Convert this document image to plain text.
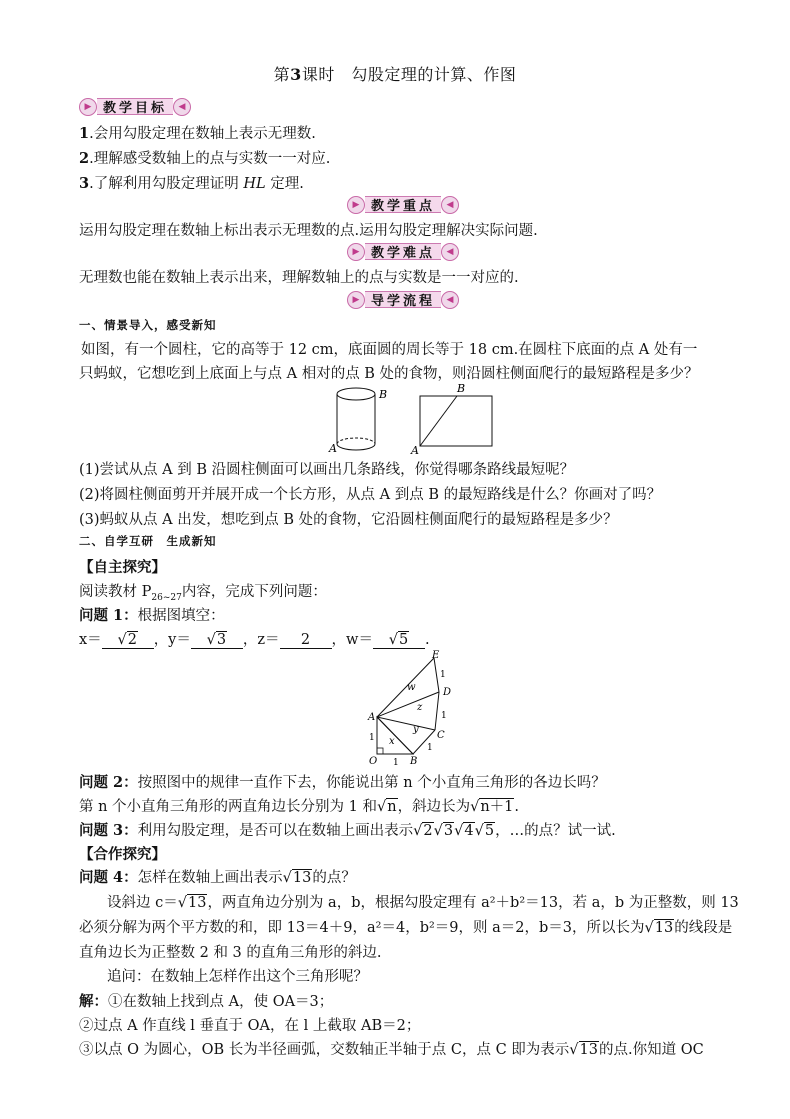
第3课时　勾股定理的计算、作图
▶ 教学目标	◀
1.会用勾股定理在数轴上表示无理数.
2.理解感受数轴上的点与实数一一对应.
3.了解利用勾股定理证明 HL 定理.
▶ 教学重点	◀
运用勾股定理在数轴上标出表示无理数的点.运用勾股定理解决实际问题.
▶ 教学难点	◀
无理数也能在数轴上表示出来，理解数轴上的点与实数是一一对应的.
▶ 导学流程	◀
一、情景导入，感受新知
如图，有一个圆柱，它的高等于 12 cm，底面圆的周长等于 18 cm.在圆柱下底面的点 A 处有一
只蚂蚁，它想吃到上底面上与点 A 相对的点 B 处的食物，则沿圆柱侧面爬行的最短路程是多少？
B
A
B
A
(1)尝试从点 A 到 B 沿圆柱侧面可以画出几条路线，你觉得哪条路线最短呢？
(2)将圆柱侧面剪开并展开成一个长方形，从点 A 到点 B 的最短路线是什么？你画对了吗？
(3)蚂蚁从点 A 出发，想吃到点 B 处的食物，它沿圆柱侧面爬行的最短路程是多少？
二、自学互研　生成新知
【自主探究】
阅读教材 $P_{26\sim 27}$内容，完成下列问题：
问题 1：根据图填空：
x＝ √ 2 ，y＝ √ 3 ，z＝ 2 ，w＝ √ 5 .
E
D
C
A
O	B
w
z
y
x
1
1
1
1
1
问题 2：按照图中的规律一直作下去，你能说出第 n 个小直角三角形的各边长吗？
第 n 个小直角三角形的两直角边长分别为 1 和 √ n，斜边长为 √ n＋1.
问题 3：利用勾股定理，是否可以在数轴上画出表示 √ 2 √ 3 √ 4 √ 5，…的点？试一试.
【合作探究】
问题 4：怎样在数轴上画出表示 √ 13的点？
设斜边 c＝ √ 13，两直角边分别为 a，b，根据勾股定理有 a²＋b²＝13，若 a，b 为正整数，则 13
必须分解为两个平方数的和，即 13＝4＋9，a²＝4，b²＝9，则 a＝2，b＝3，所以长为 √ 13的线段是
直角边长为正整数 2 和 3 的直角三角形的斜边.
追问：在数轴上怎样作出这个三角形呢？
解：①在数轴上找到点 A，使 OA＝3；
②过点 A 作直线 l 垂直于 OA，在 l 上截取 AB＝2；
③以点 O 为圆心，OB 长为半径画弧，交数轴正半轴于点 C，点 C 即为表示 √ 13的点.你知道 OC
